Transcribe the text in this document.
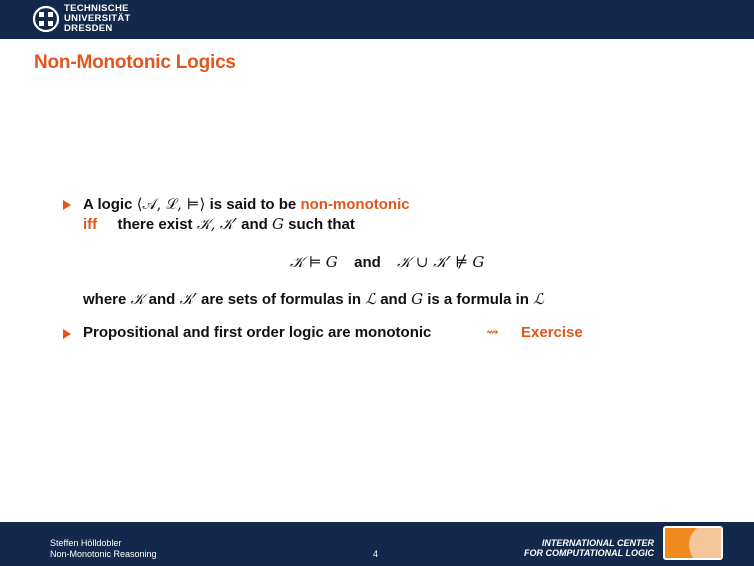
TECHNISCHE
UNIVERSITÄT
DRESDEN
Non-Monotonic Logics
A logic ⟨𝒜, ℒ, ⊨⟩ is said to be non-monotonic
iff there exist 𝒦, 𝒦′ and G such that
𝒦 ⊨ G and 𝒦 ∪ 𝒦′ ⊭ G
where 𝒦 and 𝒦′ are sets of formulas in ℒ and G is a formula in ℒ
Propositional and first order logic are monotonic	⇝ Exercise
Steffen Hölldobler
Non-Monotonic Reasoning	4
INTERNATIONAL CENTER
FOR COMPUTATIONAL LOGIC
